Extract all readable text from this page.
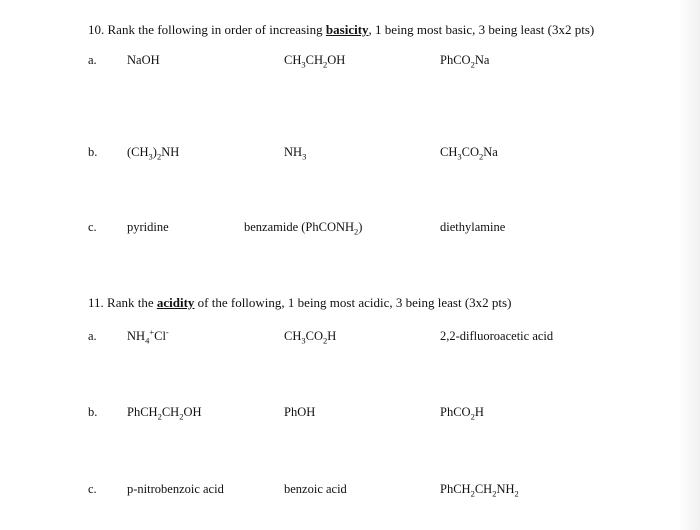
10. Rank the following in order of increasing basicity, 1 being most basic, 3 being least (3x2 pts)
a. NaOH	$CH_3CH_2OH$	PhCO$_2$Na
b. $(CH_3)_2NH$	$NH_3$	$CH_3CO_2Na$
c. pyridine	benzamide (PhCONH$_2$)	diethylamine
11. Rank the acidity of the following, 1 being most acidic, 3 being least (3x2 pts)
a. $NH_4^+Cl^-$	$CH_3CO_2H$	2,2-difluoroacetic acid
b. $PhCH_2CH_2OH$	PhOH	PhCO$_2$H
c. p-nitrobenzoic acid	benzoic acid	$PhCH_2CH_2NH_2$
